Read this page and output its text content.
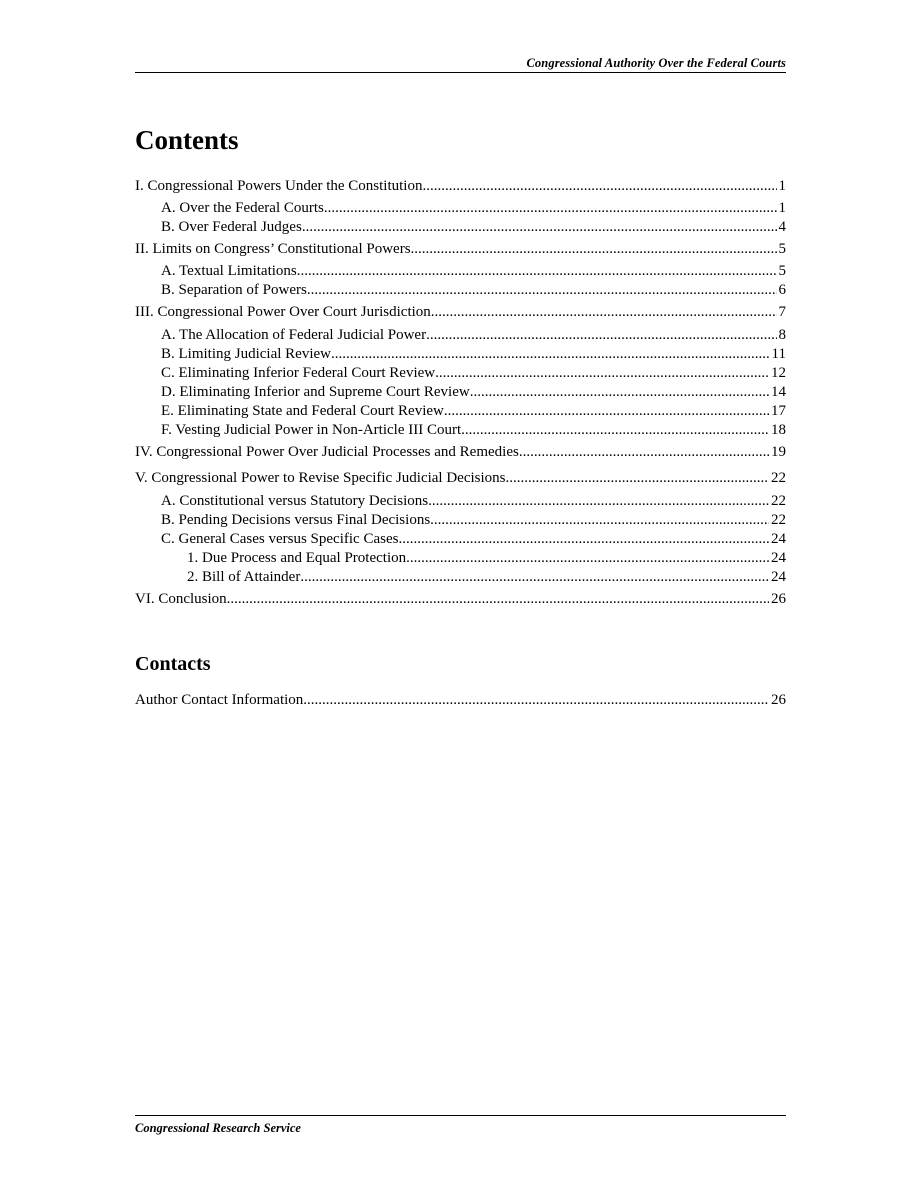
Congressional Authority Over the Federal Courts
Contents
I. Congressional Powers Under the Constitution .....	1
A. Over the Federal Courts .....	1
B. Over Federal Judges .....	4
II. Limits on Congress’ Constitutional Powers .....	5
A. Textual Limitations .....	5
B. Separation of Powers .....	6
III. Congressional Power Over Court Jurisdiction .....	7
A. The Allocation of Federal Judicial Power .....	8
B. Limiting Judicial Review .....	11
C. Eliminating Inferior Federal Court Review .....	12
D. Eliminating Inferior and Supreme Court Review .....	14
E. Eliminating State and Federal Court Review .....	17
F. Vesting Judicial Power in Non-Article III Court .....	18
IV. Congressional Power Over Judicial Processes and Remedies .....	19
V. Congressional Power to Revise Specific Judicial Decisions .....	22
A. Constitutional versus Statutory Decisions .....	22
B. Pending Decisions versus Final Decisions .....	22
C. General Cases versus Specific Cases .....	24
1. Due Process and Equal Protection .....	24
2. Bill of Attainder .....	24
VI. Conclusion .....	26
Contacts
Author Contact Information .....	26
Congressional Research Service
